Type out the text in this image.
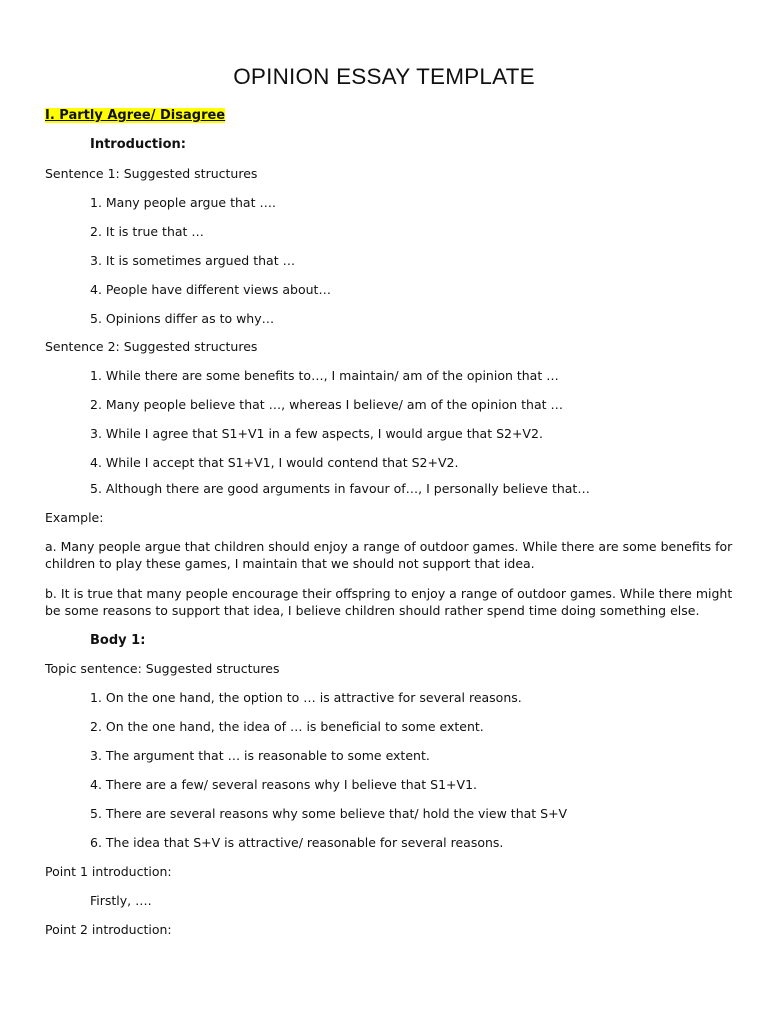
OPINION ESSAY TEMPLATE
I. Partly Agree/ Disagree
Introduction:
Sentence 1: Suggested structures
1. Many people argue that ….
2. It is true that …
3. It is sometimes argued that …
4. People have different views about…
5. Opinions differ as to why…
Sentence 2: Suggested structures
1. While there are some benefits to…, I maintain/ am of the opinion that …
2. Many people believe that …, whereas I believe/ am of the opinion that …
3. While I agree that S1+V1 in a few aspects, I would argue that S2+V2.
4. While I accept that S1+V1, I would contend that S2+V2.
5. Although there are good arguments in favour of…, I personally believe that…
Example:
a. Many people argue that children should enjoy a range of outdoor games. While there are some benefits for
children to play these games, I maintain that we should not support that idea.
b. It is true that many people encourage their offspring to enjoy a range of outdoor games. While there might
be some reasons to support that idea, I believe children should rather spend time doing something else.
Body 1:
Topic sentence: Suggested structures
1. On the one hand, the option to … is attractive for several reasons.
2. On the one hand, the idea of … is beneficial to some extent.
3. The argument that … is reasonable to some extent.
4. There are a few/ several reasons why I believe that S1+V1.
5. There are several reasons why some believe that/ hold the view that S+V
6. The idea that S+V is attractive/ reasonable for several reasons.
Point 1 introduction:
Firstly, ….
Point 2 introduction:
